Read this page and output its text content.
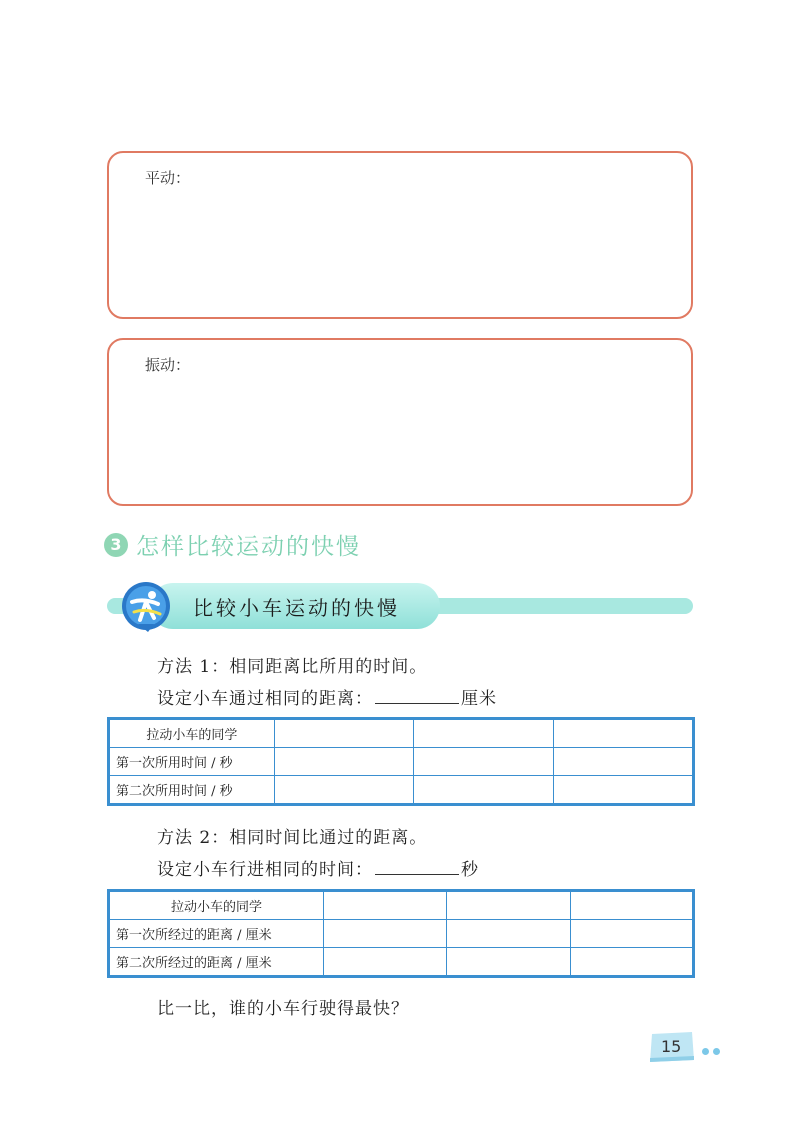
平动：
振动：
3 怎样比较运动的快慢
比较小车运动的快慢
方法 1：相同距离比所用的时间。
设定小车通过相同的距离：	厘米
拉动小车的同学			
第一次所用时间 / 秒			
第二次所用时间 / 秒			
方法 2：相同时间比通过的距离。
设定小车行进相同的时间：	秒
拉动小车的同学			
第一次所经过的距离 / 厘米			
第二次所经过的距离 / 厘米			
比一比，谁的小车行驶得最快？
15
